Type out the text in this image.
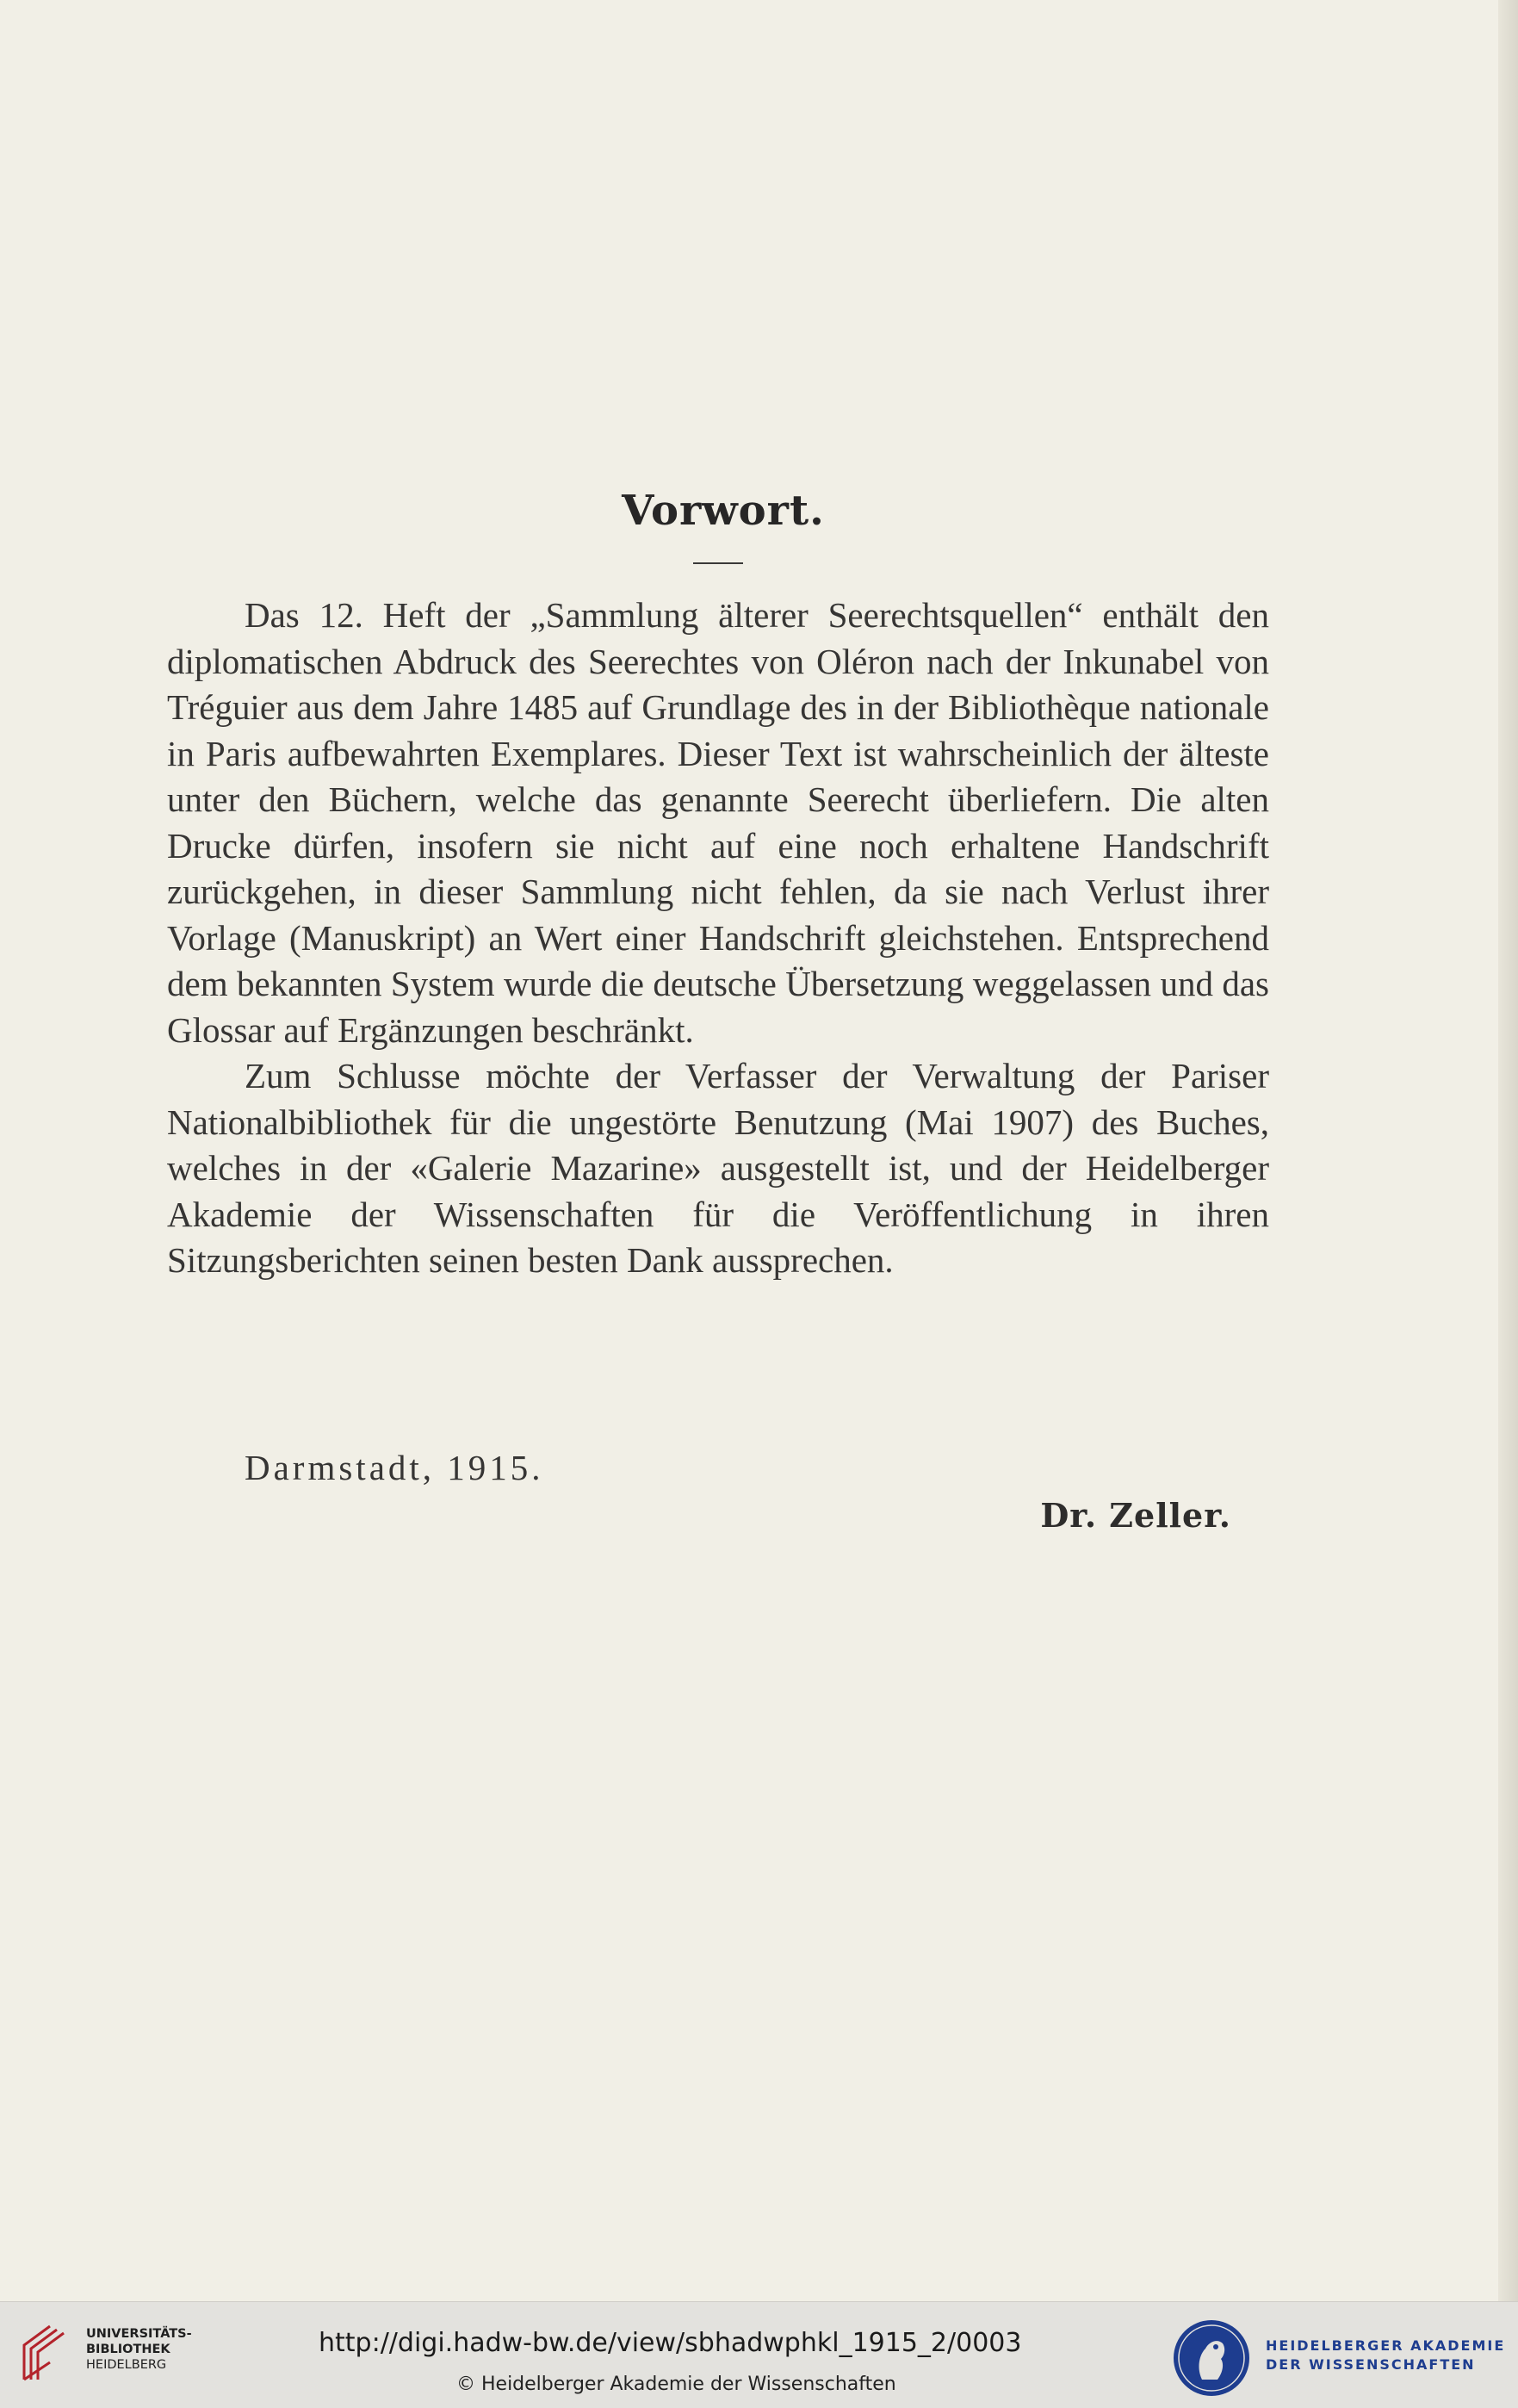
Vorwort.

Das 12. Heft der „Sammlung älterer Seerechtsquellen“ enthält den diplomatischen Abdruck des Seerechtes von Oléron nach der Inkunabel von Tréguier aus dem Jahre 1485 auf Grundlage des in der Bibliothèque nationale in Paris aufbewahrten Exemplares. Dieser Text ist wahrscheinlich der älteste unter den Büchern, welche das genannte Seerecht überliefern. Die alten Drucke dürfen, insofern sie nicht auf eine noch erhaltene Handschrift zurückgehen, in dieser Sammlung nicht fehlen, da sie nach Verlust ihrer Vorlage (Manuskript) an Wert einer Handschrift gleichstehen. Entsprechend dem bekannten System wurde die deutsche Übersetzung weggelassen und das Glossar auf Ergänzungen beschränkt.

Zum Schlusse möchte der Verfasser der Verwaltung der Pariser Nationalbibliothek für die ungestörte Benutzung (Mai 1907) des Buches, welches in der «Galerie Mazarine» ausgestellt ist, und der Heidelberger Akademie der Wissenschaften für die Veröffentlichung in ihren Sitzungsberichten seinen besten Dank aussprechen.

Darmstadt, 1915.
Dr. Zeller.
UNIVERSITÄTS-
BIBLIOTHEK
HEIDELBERG
http://digi.hadw-bw.de/view/sbhadwphkl_1915_2/0003
© Heidelberger Akademie der Wissenschaften
HEIDELBERGER AKADEMIE
DER WISSENSCHAFTEN
